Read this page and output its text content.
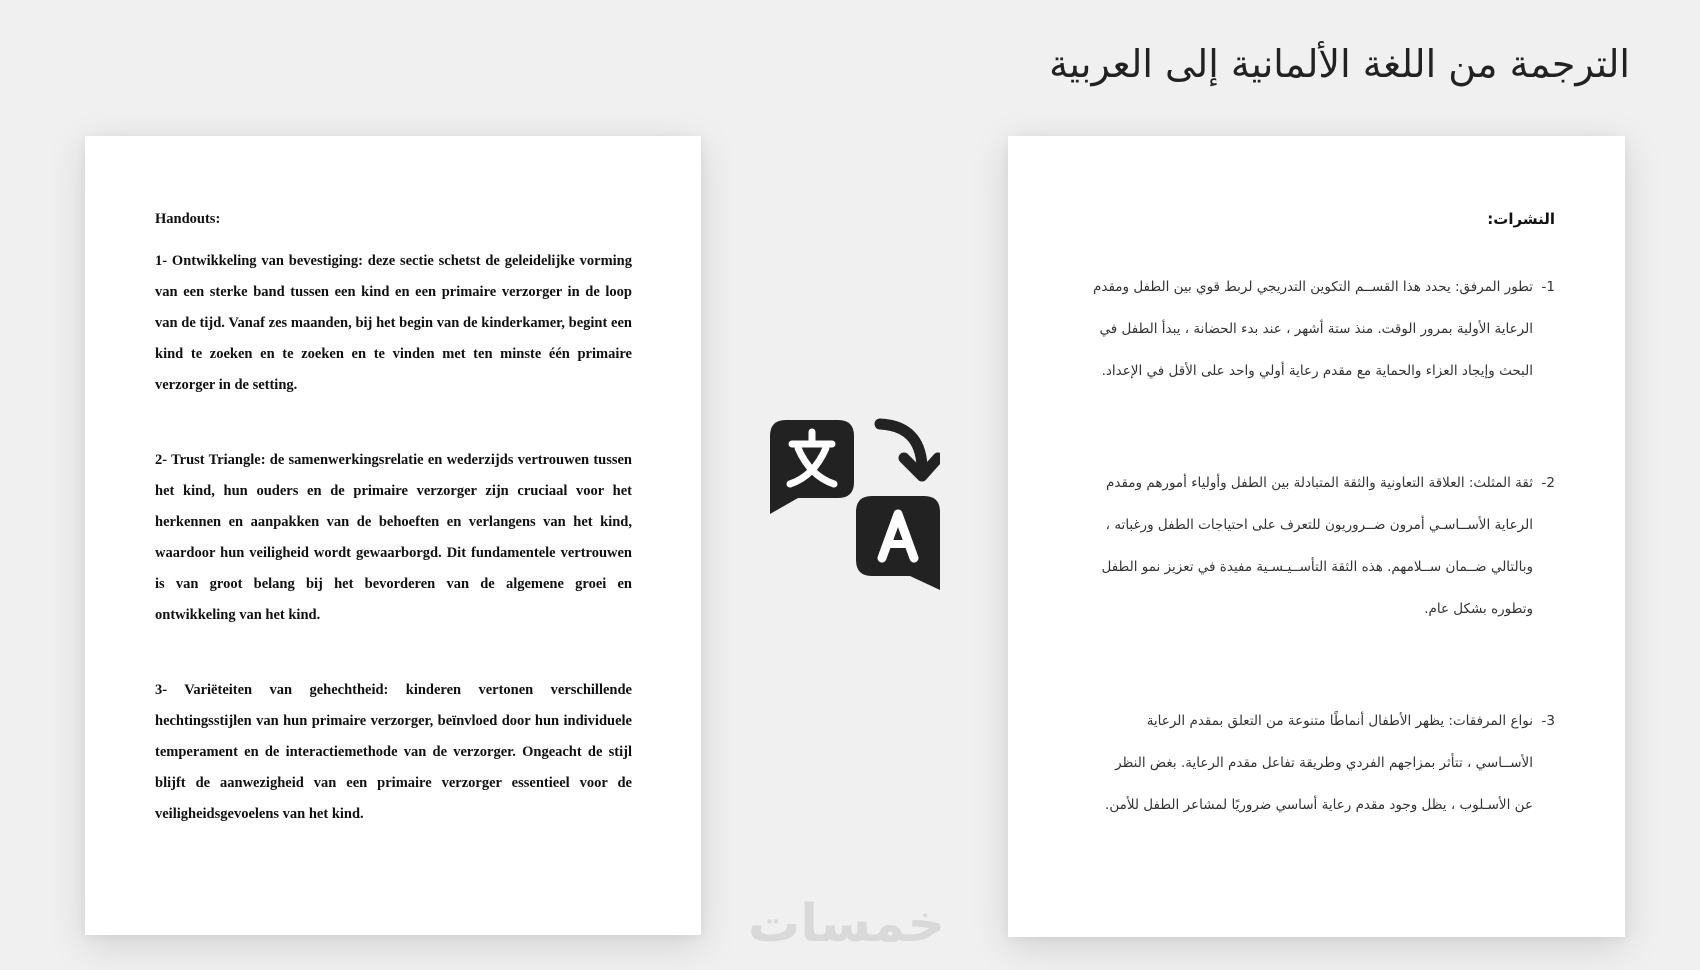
الترجمة من اللغة الألمانية إلى العربية
Handouts:

1- Ontwikkeling van bevestiging: deze sectie schetst de geleidelijke vorming van een sterke band tussen een kind en een primaire verzorger in de loop van de tijd. Vanaf zes maanden, bij het begin van de kinderkamer, begint een kind te zoeken en te zoeken en te vinden met ten minste één primaire verzorger in de setting.

2- Trust Triangle: de samenwerkingsrelatie en wederzijds vertrouwen tussen het kind, hun ouders en de primaire verzorger zijn cruciaal voor het herkennen en aanpakken van de behoeften en verlangens van het kind, waardoor hun veiligheid wordt gewaarborgd. Dit fundamentele vertrouwen is van groot belang bij het bevorderen van de algemene groei en ontwikkeling van het kind.

3- Variëteiten van gehechtheid: kinderen vertonen verschillende hechtingsstijlen van hun primaire verzorger, beïnvloed door hun individuele temperament en de interactiemethode van de verzorger. Ongeacht de stijl blijft de aanwezigheid van een primaire verzorger essentieel voor de veiligheidsgevoelens van het kind.

النشرات:
1-
تطور المرفق: يحدد هذا القســم التكوين التدريجي لربط قوي بين الطفل ومقدم الرعاية الأولية بمرور الوقت. منذ ستة أشهر ، عند بدء الحضانة ، يبدأ الطفل في البحث وإيجاد العزاء والحماية مع مقدم رعاية أولي واحد على الأقل في الإعداد.
2-
ثقة المثلث: العلاقة التعاونية والثقة المتبادلة بين الطفل وأولياء أمورهم ومقدم الرعاية الأســاسـي أمرون ضــروريون للتعرف على احتياجات الطفل ورغباته ، وبالتالي ضــمان ســلامهم. هذه الثقة التأســيـسـية مفيدة في تعزيز نمو الطفل وتطوره بشكل عام.
3-
نواع المرفقات: يظهر الأطفال أنماطًا متنوعة من التعلق بمقدم الرعاية الأســاسي ، تتأثر بمزاجهم الفردي وطريقة تفاعل مقدم الرعاية. بغض النظر عن الأسـلوب ، يظل وجود مقدم رعاية أساسي ضروريًا لمشاعر الطفل للأمن.
خمسات
